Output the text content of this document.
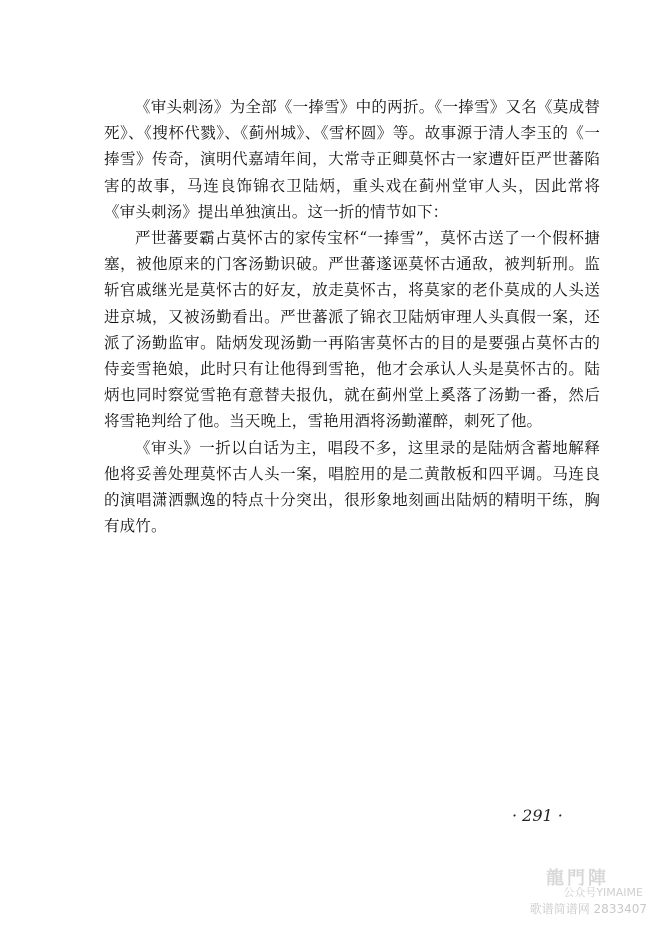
《审头刺汤》为全部《一捧雪》中的两折。《一捧雪》又名《莫成替死》、《搜杯代戮》、《蓟州城》、《雪杯圆》等。故事源于清人李玉的《一捧雪》传奇，演明代嘉靖年间，大常寺正卿莫怀古一家遭奸臣严世蕃陷害的故事，马连良饰锦衣卫陆炳，重头戏在蓟州堂审人头，因此常将《审头刺汤》提出单独演出。这一折的情节如下：

严世蕃要霸占莫怀古的家传宝杯“一捧雪”，莫怀古送了一个假杯搪塞，被他原来的门客汤勤识破。严世蕃遂诬莫怀古通敌，被判斩刑。监斩官戚继光是莫怀古的好友，放走莫怀古，将莫家的老仆莫成的人头送进京城，又被汤勤看出。严世蕃派了锦衣卫陆炳审理人头真假一案，还派了汤勤监审。陆炳发现汤勤一再陷害莫怀古的目的是要强占莫怀古的侍妾雪艳娘，此时只有让他得到雪艳，他才会承认人头是莫怀古的。陆炳也同时察觉雪艳有意替夫报仇，就在蓟州堂上奚落了汤勤一番，然后将雪艳判给了他。当天晚上，雪艳用酒将汤勤灌醉，刺死了他。

《审头》一折以白话为主，唱段不多，这里录的是陆炳含蓄地解释他将妥善处理莫怀古人头一案，唱腔用的是二黄散板和四平调。马连良的演唱潇洒飘逸的特点十分突出，很形象地刻画出陆炳的精明干练，胸有成竹。

· 291 ·
龍門陣
公众号YIMAIME
歌谱简谱网 2833407
